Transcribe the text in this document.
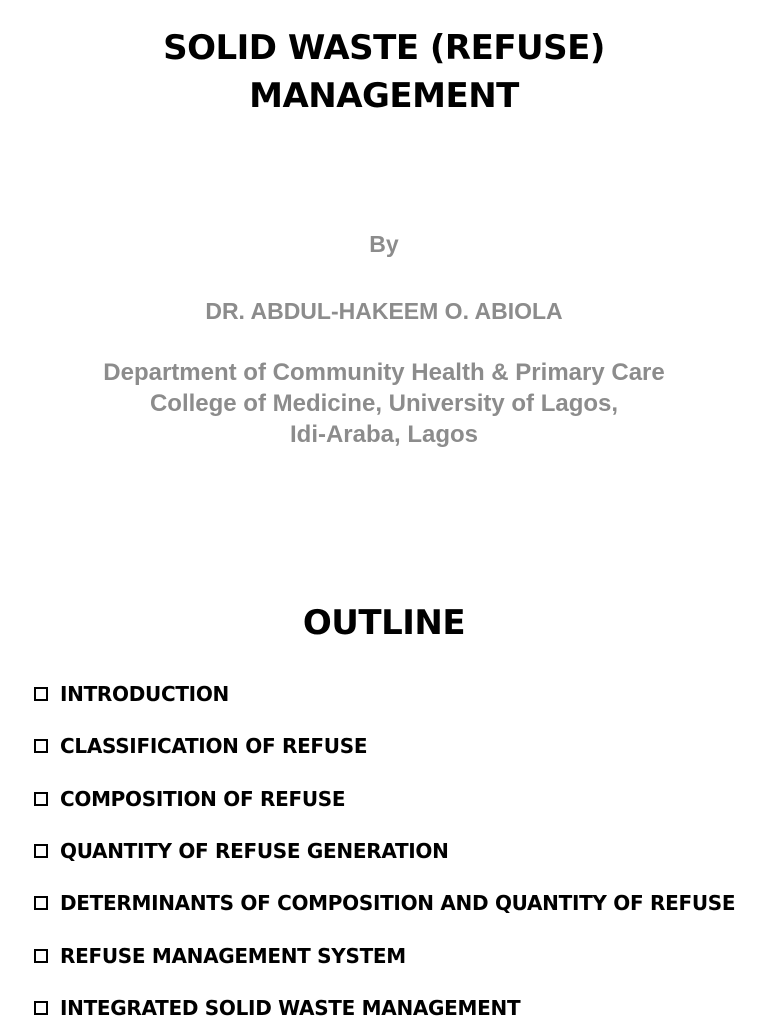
SOLID WASTE (REFUSE)
MANAGEMENT
By
DR. ABDUL-HAKEEM O. ABIOLA
Department of Community Health & Primary Care
College of Medicine, University of Lagos,
Idi-Araba, Lagos
OUTLINE
INTRODUCTION
CLASSIFICATION OF REFUSE
COMPOSITION OF REFUSE
QUANTITY OF REFUSE GENERATION
DETERMINANTS OF COMPOSITION AND QUANTITY OF REFUSE
REFUSE MANAGEMENT SYSTEM
INTEGRATED SOLID WASTE MANAGEMENT
